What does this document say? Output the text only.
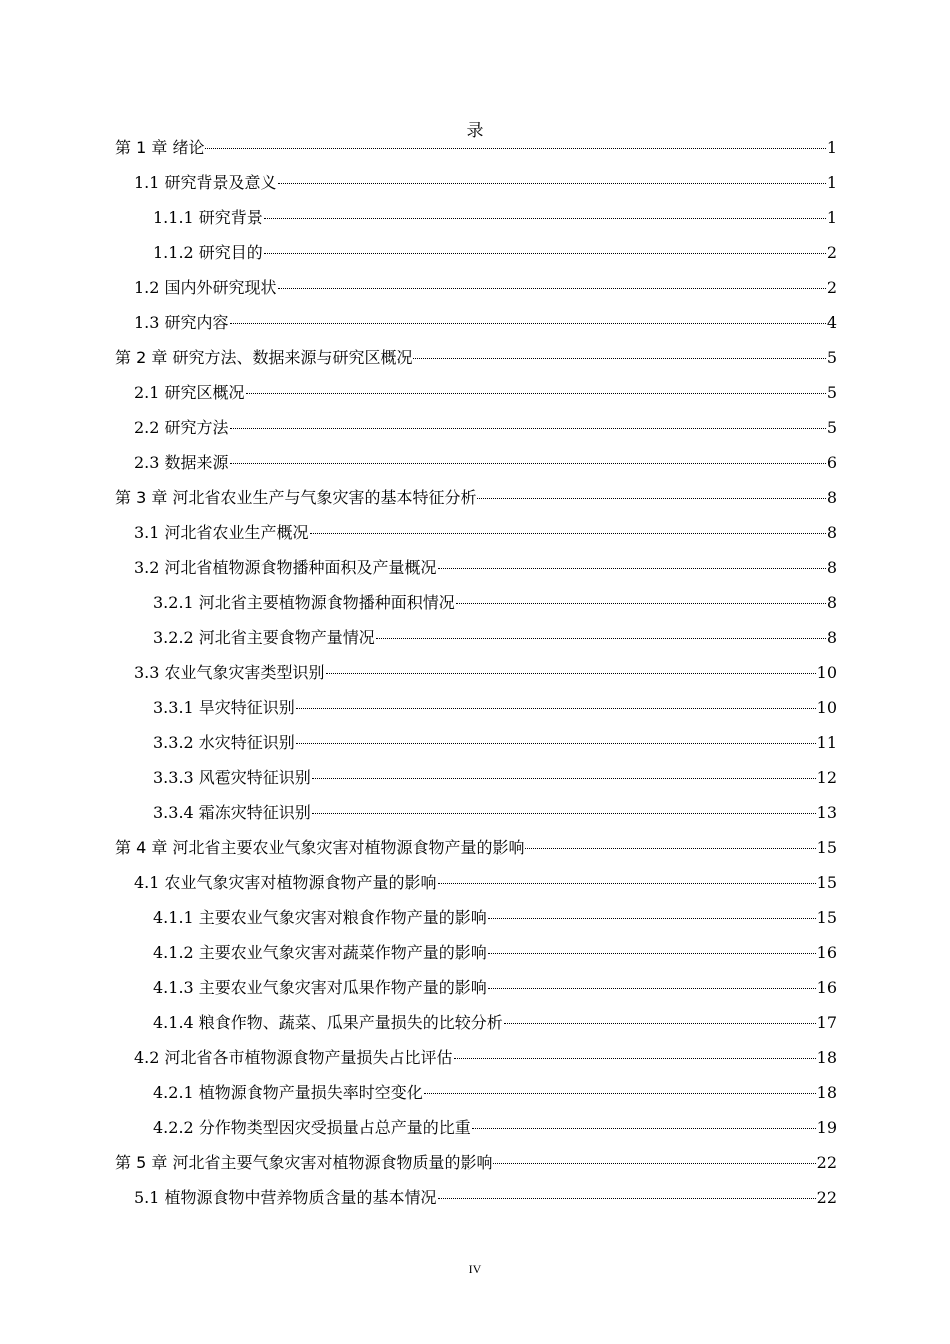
录
第 1 章 绪论	1
1.1 研究背景及意义	1
1.1.1 研究背景	1
1.1.2 研究目的	2
1.2 国内外研究现状	2
1.3 研究内容	4
第 2 章 研究方法、数据来源与研究区概况	5
2.1 研究区概况	5
2.2 研究方法	5
2.3 数据来源	6
第 3 章 河北省农业生产与气象灾害的基本特征分析	8
3.1 河北省农业生产概况	8
3.2 河北省植物源食物播种面积及产量概况	8
3.2.1 河北省主要植物源食物播种面积情况	8
3.2.2 河北省主要食物产量情况	8
3.3 农业气象灾害类型识别	10
3.3.1 旱灾特征识别	10
3.3.2 水灾特征识别	11
3.3.3 风雹灾特征识别	12
3.3.4 霜冻灾特征识别	13
第 4 章 河北省主要农业气象灾害对植物源食物产量的影响	15
4.1 农业气象灾害对植物源食物产量的影响	15
4.1.1 主要农业气象灾害对粮食作物产量的影响	15
4.1.2 主要农业气象灾害对蔬菜作物产量的影响	16
4.1.3 主要农业气象灾害对瓜果作物产量的影响	16
4.1.4 粮食作物、蔬菜、瓜果产量损失的比较分析	17
4.2 河北省各市植物源食物产量损失占比评估	18
4.2.1 植物源食物产量损失率时空变化	18
4.2.2 分作物类型因灾受损量占总产量的比重	19
第 5 章 河北省主要气象灾害对植物源食物质量的影响	22
5.1 植物源食物中营养物质含量的基本情况	22
IV
